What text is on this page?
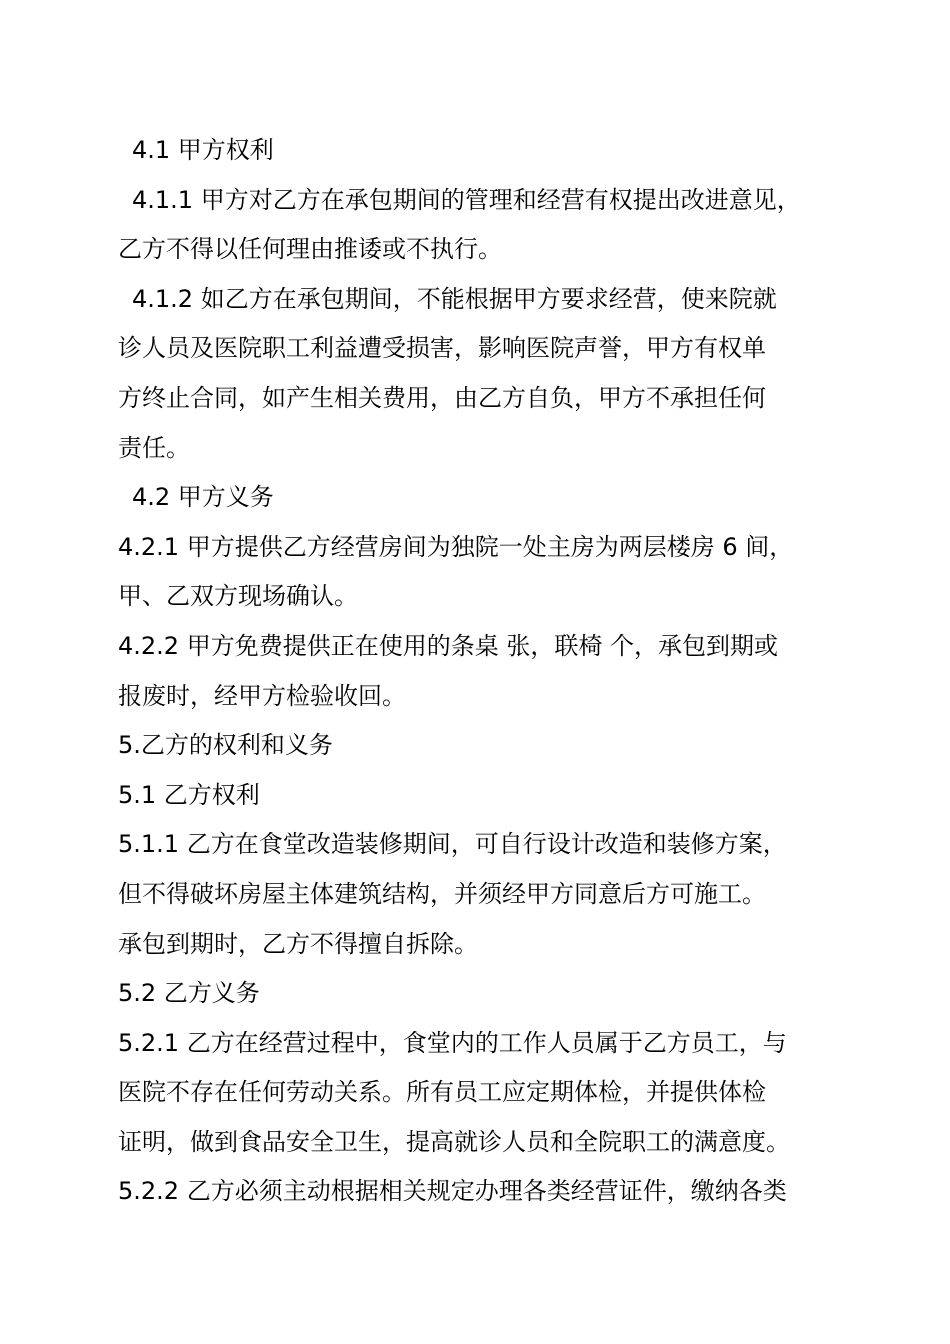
4.1 甲方权利

4.1.1 甲方对乙方在承包期间的管理和经营有权提出改进意见，

乙方不得以任何理由推诿或不执行。

4.1.2 如乙方在承包期间，不能根据甲方要求经营，使来院就

诊人员及医院职工利益遭受损害，影响医院声誉，甲方有权单

方终止合同，如产生相关费用，由乙方自负，甲方不承担任何

责任。

4.2 甲方义务

4.2.1 甲方提供乙方经营房间为独院一处主房为两层楼房 6 间，

甲、乙双方现场确认。

4.2.2 甲方免费提供正在使用的条桌 张，联椅 个，承包到期或

报废时，经甲方检验收回。

5.乙方的权利和义务

5.1 乙方权利

5.1.1 乙方在食堂改造装修期间，可自行设计改造和装修方案，

但不得破坏房屋主体建筑结构，并须经甲方同意后方可施工。

承包到期时，乙方不得擅自拆除。

5.2 乙方义务

5.2.1 乙方在经营过程中，食堂内的工作人员属于乙方员工，与

医院不存在任何劳动关系。所有员工应定期体检，并提供体检

证明，做到食品安全卫生，提高就诊人员和全院职工的满意度。

5.2.2 乙方必须主动根据相关规定办理各类经营证件，缴纳各类
